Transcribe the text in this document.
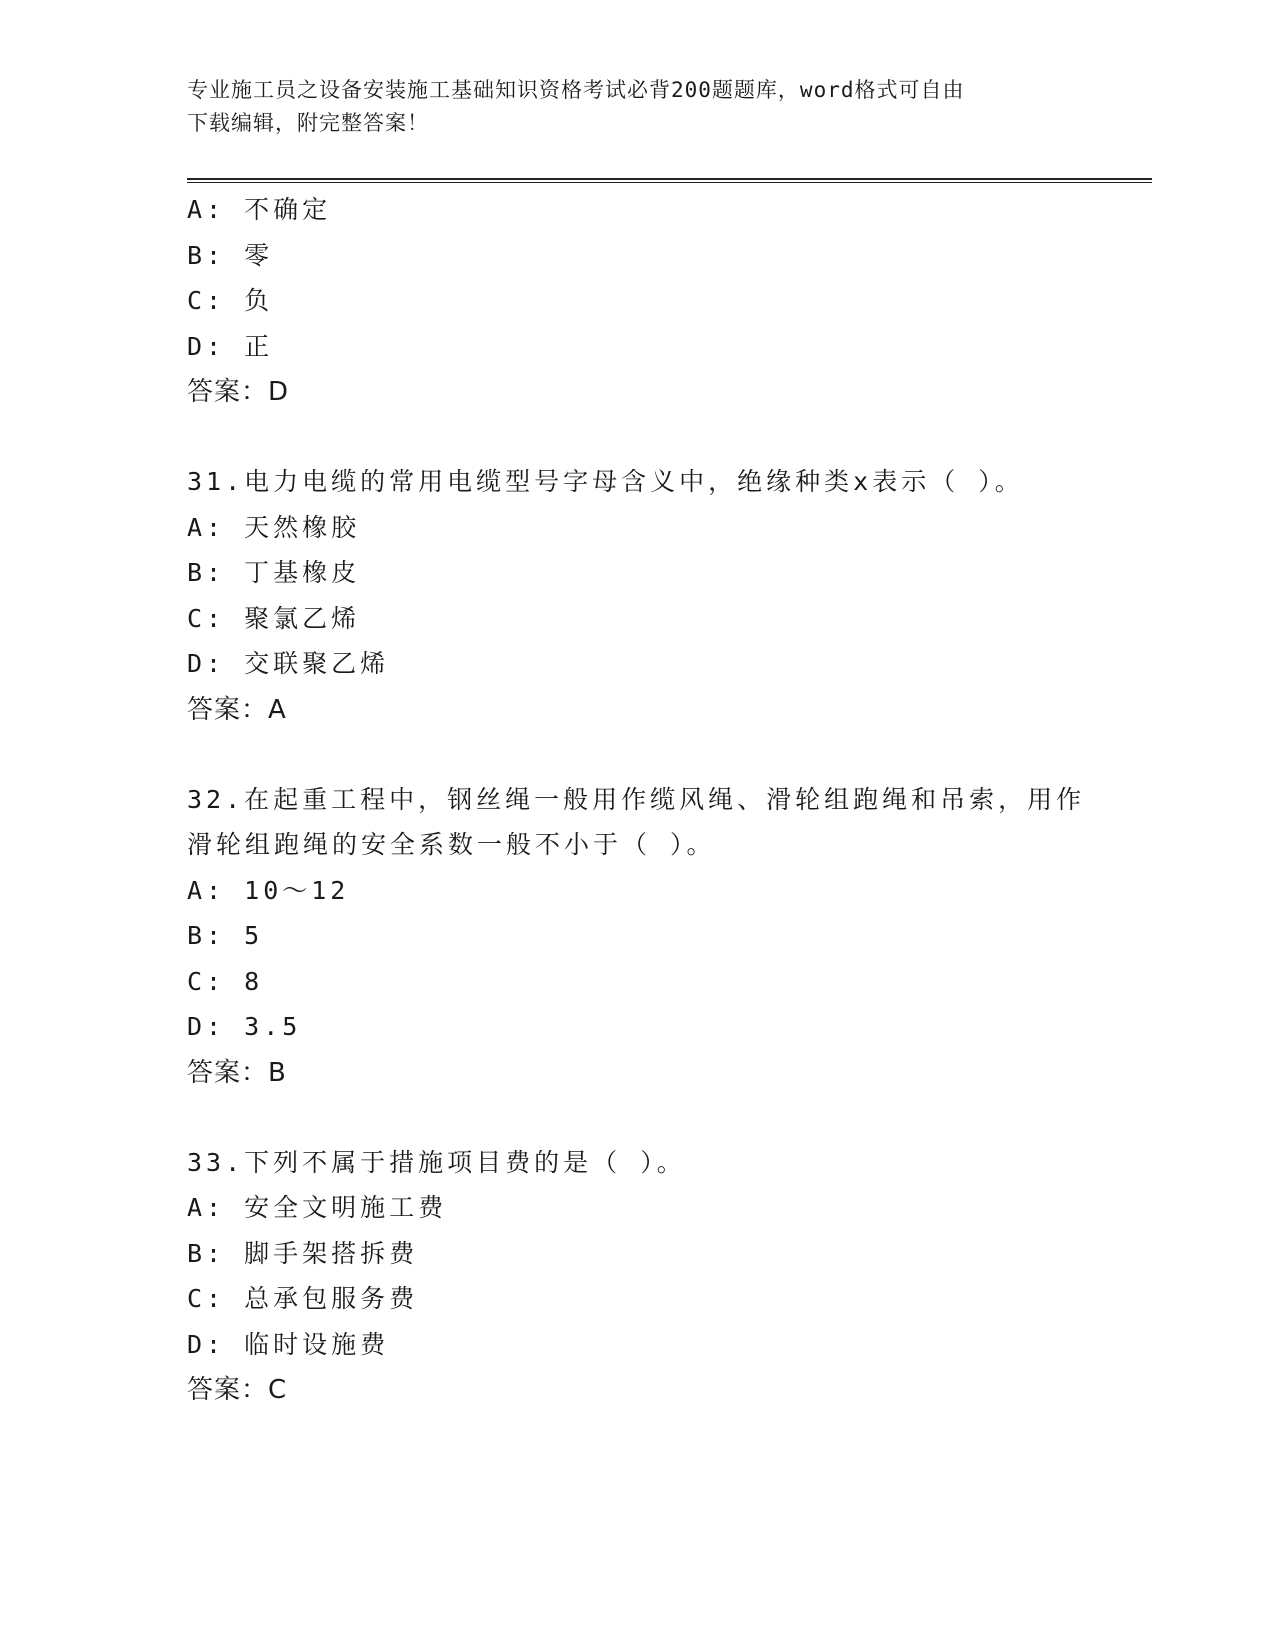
专业施工员之设备安装施工基础知识资格考试必背200题题库，word格式可自由
下载编辑，附完整答案！
A: 不确定
B: 零
C: 负
D: 正
答案：D
31.电力电缆的常用电缆型号字母含义中，绝缘种类x表示（ ）。
A: 天然橡胶
B: 丁基橡皮
C: 聚氯乙烯
D: 交联聚乙烯
答案：A
32.在起重工程中，钢丝绳一般用作缆风绳、滑轮组跑绳和吊索，用作
滑轮组跑绳的安全系数一般不小于（ ）。
A: 10～12
B: 5
C: 8
D: 3.5
答案：B
33.下列不属于措施项目费的是（ ）。
A: 安全文明施工费
B: 脚手架搭拆费
C: 总承包服务费
D: 临时设施费
答案：C
